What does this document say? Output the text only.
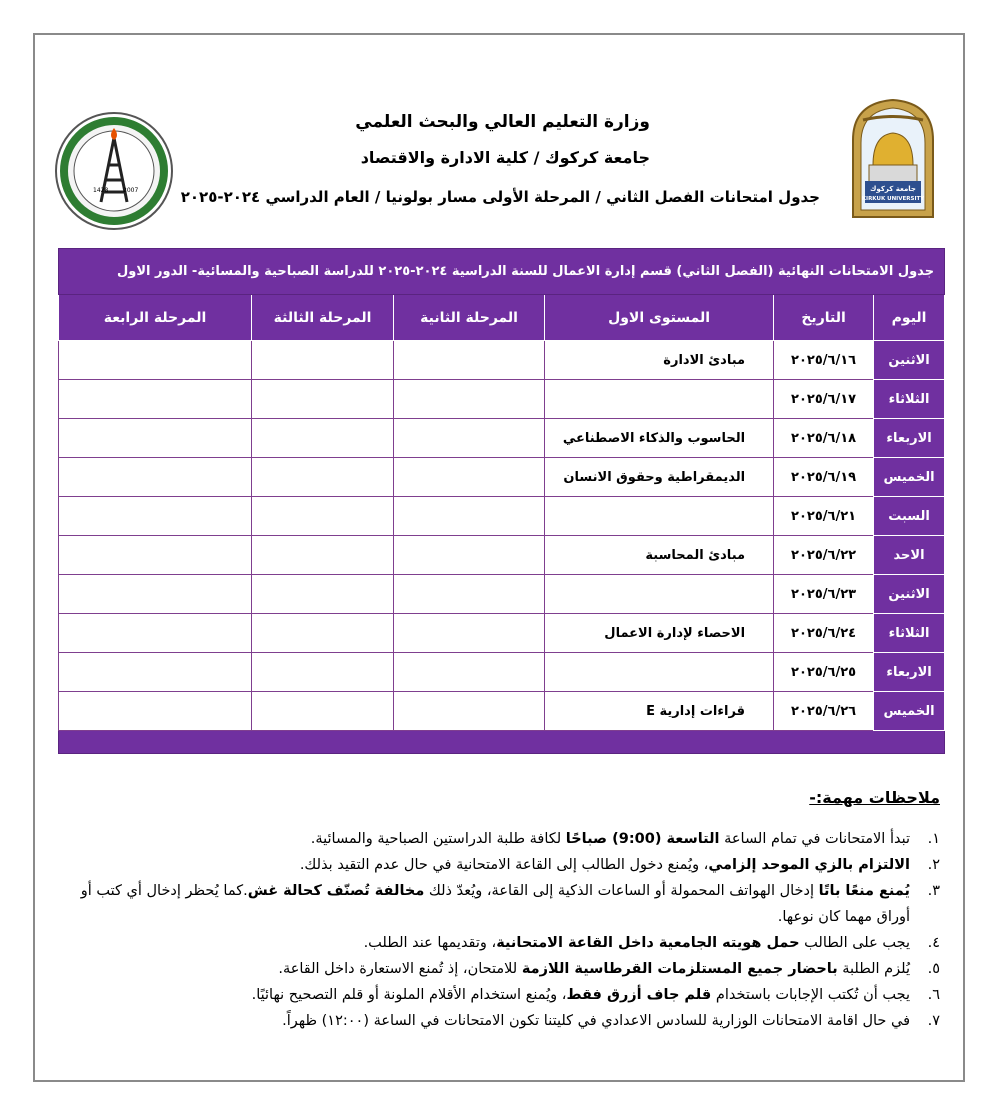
جامعة كركوك
KIRKUK UNIVERSITY
1428 2007
وزارة التعليم العالي والبحث العلمي
جامعة كركوك / كلية الادارة والاقتصاد
جدول امتحانات الفصل الثاني / المرحلة الأولى مسار بولونيا / العام الدراسي ٢٠٢٤-٢٠٢٥
جدول الامتحانات النهائية (الفصل الثاني) قسم إدارة الاعمال للسنة الدراسية ٢٠٢٤-٢٠٢٥ للدراسة الصباحية والمسائية- الدور الاول					
اليوم	التاريخ	المستوى الاول	المرحلة الثانية	المرحلة الثالثة	المرحلة الرابعة
الاثنين	٢٠٢٥/٦/١٦	مبادئ الادارة			
الثلاثاء	٢٠٢٥/٦/١٧				
الاربعاء	٢٠٢٥/٦/١٨	الحاسوب والذكاء الاصطناعي			
الخميس	٢٠٢٥/٦/١٩	الديمقراطية وحقوق الانسان			
السبت	٢٠٢٥/٦/٢١				
الاحد	٢٠٢٥/٦/٢٢	مبادئ المحاسبة			
الاثنين	٢٠٢٥/٦/٢٣				
الثلاثاء	٢٠٢٥/٦/٢٤	الاحصاء لإدارة الاعمال			
الاربعاء	٢٠٢٥/٦/٢٥				
الخميس	٢٠٢٥/٦/٢٦	قراءات إدارية E			

ملاحظات مهمة:-
١.
تبدأ الامتحانات في تمام الساعة التاسعة (9:00) صباحًا لكافة طلبة الدراستين الصباحية والمسائية.
٢.
الالتزام بالزي الموحد إلزامي، ويُمنع دخول الطالب إلى القاعة الامتحانية في حال عدم التقيد بذلك.
٣.
يُمنع منعًا باتًا إدخال الهواتف المحمولة أو الساعات الذكية إلى القاعة، ويُعدّ ذلك مخالفة تُصنّف كحالة غش.كما يُحظر إدخال أي كتب أو أوراق مهما كان نوعها.
٤.
يجب على الطالب حمل هويته الجامعية داخل القاعة الامتحانية، وتقديمها عند الطلب.
٥.
يُلزم الطلبة باحضار جميع المستلزمات القرطاسية اللازمة للامتحان، إذ تُمنع الاستعارة داخل القاعة.
٦.
يجب أن تُكتب الإجابات باستخدام قلم جاف أزرق فقط، ويُمنع استخدام الأقلام الملونة أو قلم التصحيح نهائيًا.
٧.
في حال اقامة الامتحانات الوزارية للسادس الاعدادي في كليتنا تكون الامتحانات في الساعة (١٢:٠٠) ظهراً.
